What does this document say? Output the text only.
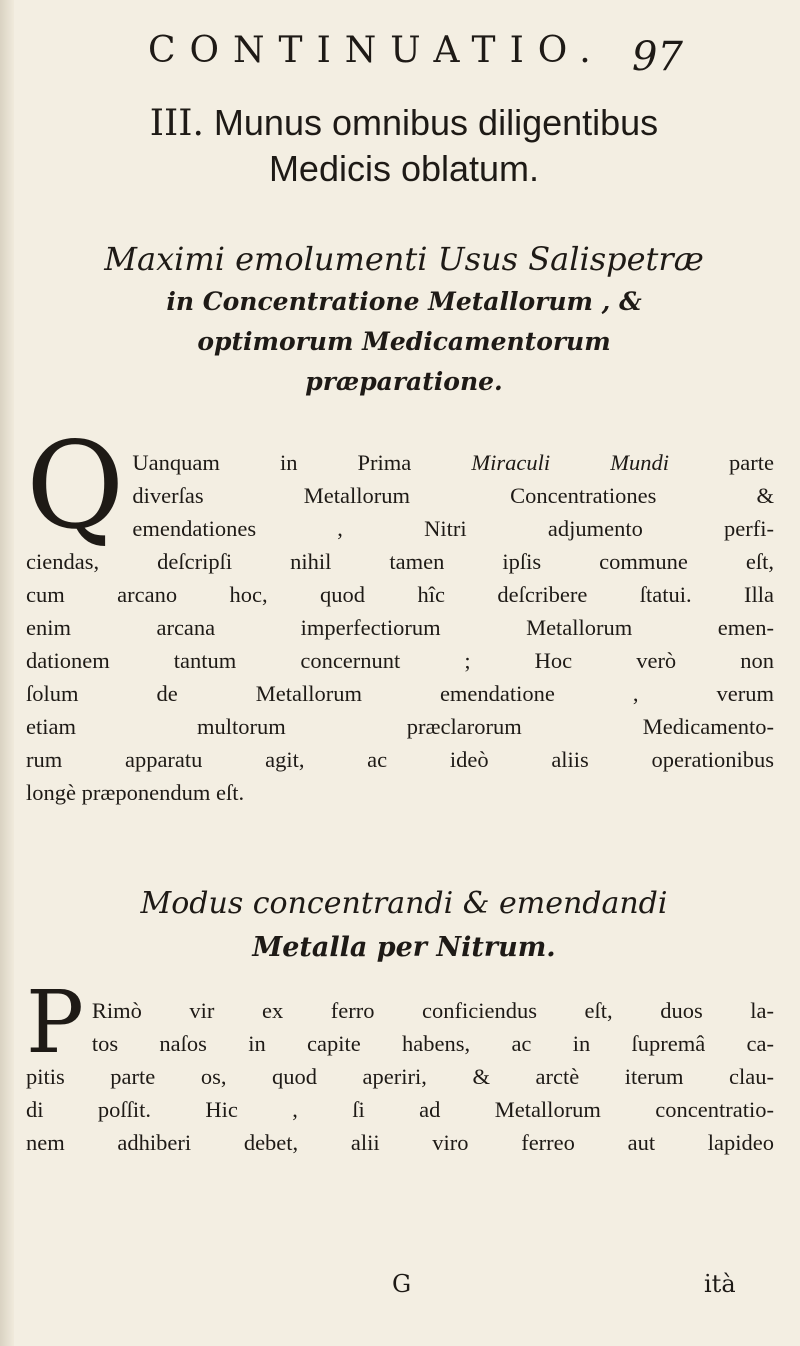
CONTINUATIO. 97
III. Munus omnibus diligentibus
Medicis oblatum.
Maximi emolumenti Usus Salispetræ
in Concentratione Metallorum , &
optimorum Medicamentorum
præparatione.
Q Uanquam in Prima	Miraculi Mundi	parte
diverſas Metallorum Concentrationes &
emendationes , Nitri adjumento perfi-
ciendas, deſcripſi nihil tamen ipſis commune eſt,
cum arcano hoc, quod hîc deſcribere ſtatui. Illa
enim arcana imperfectiorum Metallorum emen-
dationem tantum concernunt ; Hoc verò non
ſolum de Metallorum emendatione , verum
etiam multorum præclarorum Medicamento-
rum apparatu agit, ac ideò aliis operationibus
longè præponendum eſt.
Modus concentrandi & emendandi
Metalla per Nitrum.
P Rimò vir ex ferro conficiendus eſt, duos la-
tos naſos in capite habens, ac in ſupremâ ca-
pitis parte os, quod aperiri, & arctè iterum clau-
di poſſit. Hic , ſi ad Metallorum concentratio-
nem adhiberi debet, alii viro ferreo aut lapideo
G	ità
